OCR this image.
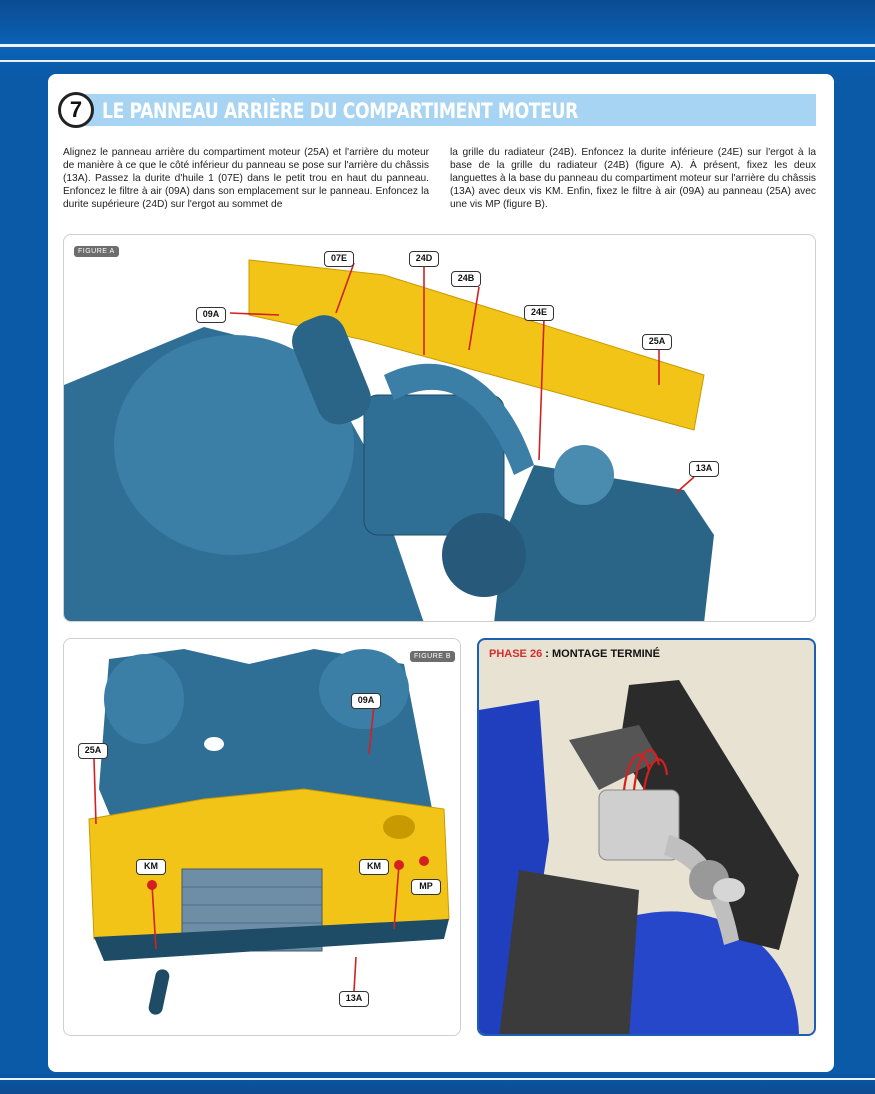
7 LE PANNEAU ARRIÈRE DU COMPARTIMENT MOTEUR

Alignez le panneau arrière du compartiment moteur (25A) et l'arrière du moteur de manière à ce que le côté inférieur du panneau se pose sur l'arrière du châssis (13A). Passez la durite d'huile 1 (07E) dans le petit trou en haut du panneau. Enfoncez le filtre à air (09A) dans son emplacement sur le panneau. Enfoncez la durite supérieure (24D) sur l'ergot au sommet de

la grille du radiateur (24B). Enfoncez la durite inférieure (24E) sur l'ergot à la base de la grille du radiateur (24B) (figure A). À présent, fixez les deux languettes à la base du panneau du compartiment moteur sur l'arrière du châssis (13A) avec deux vis KM. Enfin, fixez le filtre à air (09A) au panneau (25A) avec une vis MP (figure B).

FIGURE A
07E	24D
24B
24E
09A
25A
13A
FIGURE B
09A
25A
KM	KM
MP
13A
PHASE 26 : MONTAGE TERMINÉ
